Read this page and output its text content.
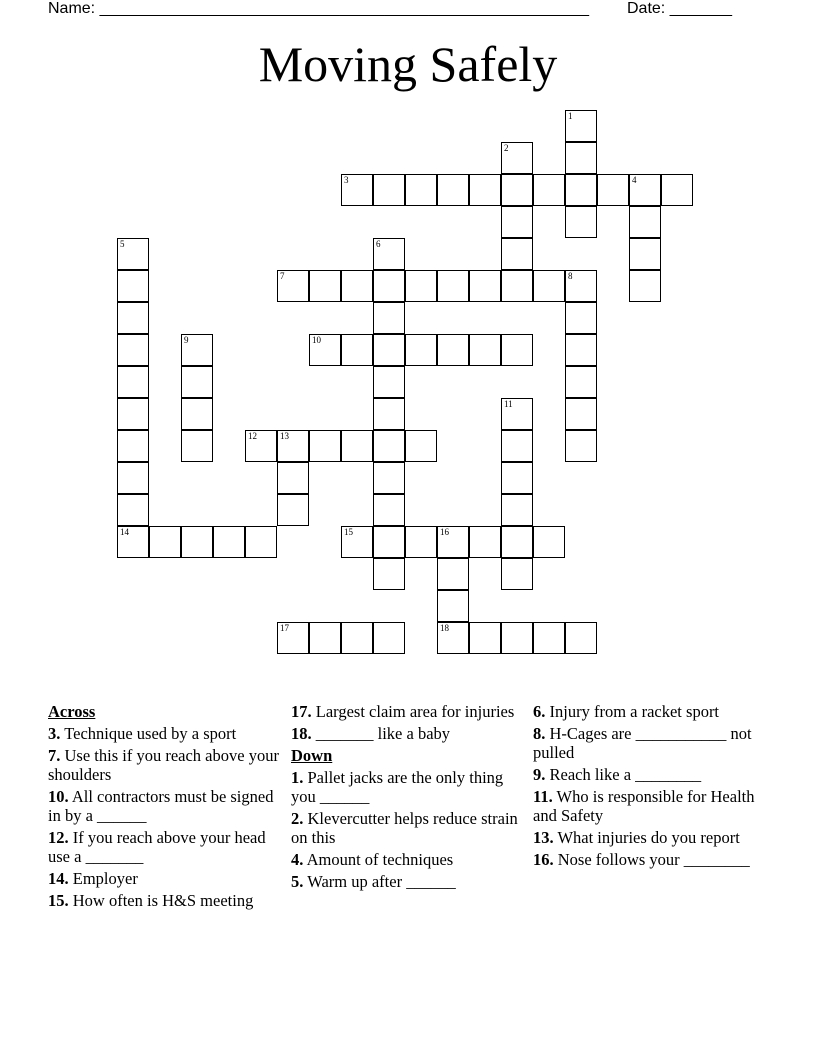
Name: _______________________________________________________ Date: _______
Moving Safely
1
2
3	4
5
14
6
7	8
9	10
11
12	13
15	16
17	18
Across
3. Technique used by a sport
7. Use this if you reach above your shoulders
10. All contractors must be signed in by a ______
12. If you reach above your head use a _______
14. Employer
15. How often is H&S meeting
17. Largest claim area for injuries
18. _______ like a baby
Down
1. Pallet jacks are the only thing you ______
2. Klevercutter helps reduce strain on this
4. Amount of techniques
5. Warm up after ______
6. Injury from a racket sport
8. H-Cages are ___________ not pulled
9. Reach like a ________
11. Who is responsible for Health and Safety
13. What injuries do you report
16. Nose follows your ________
